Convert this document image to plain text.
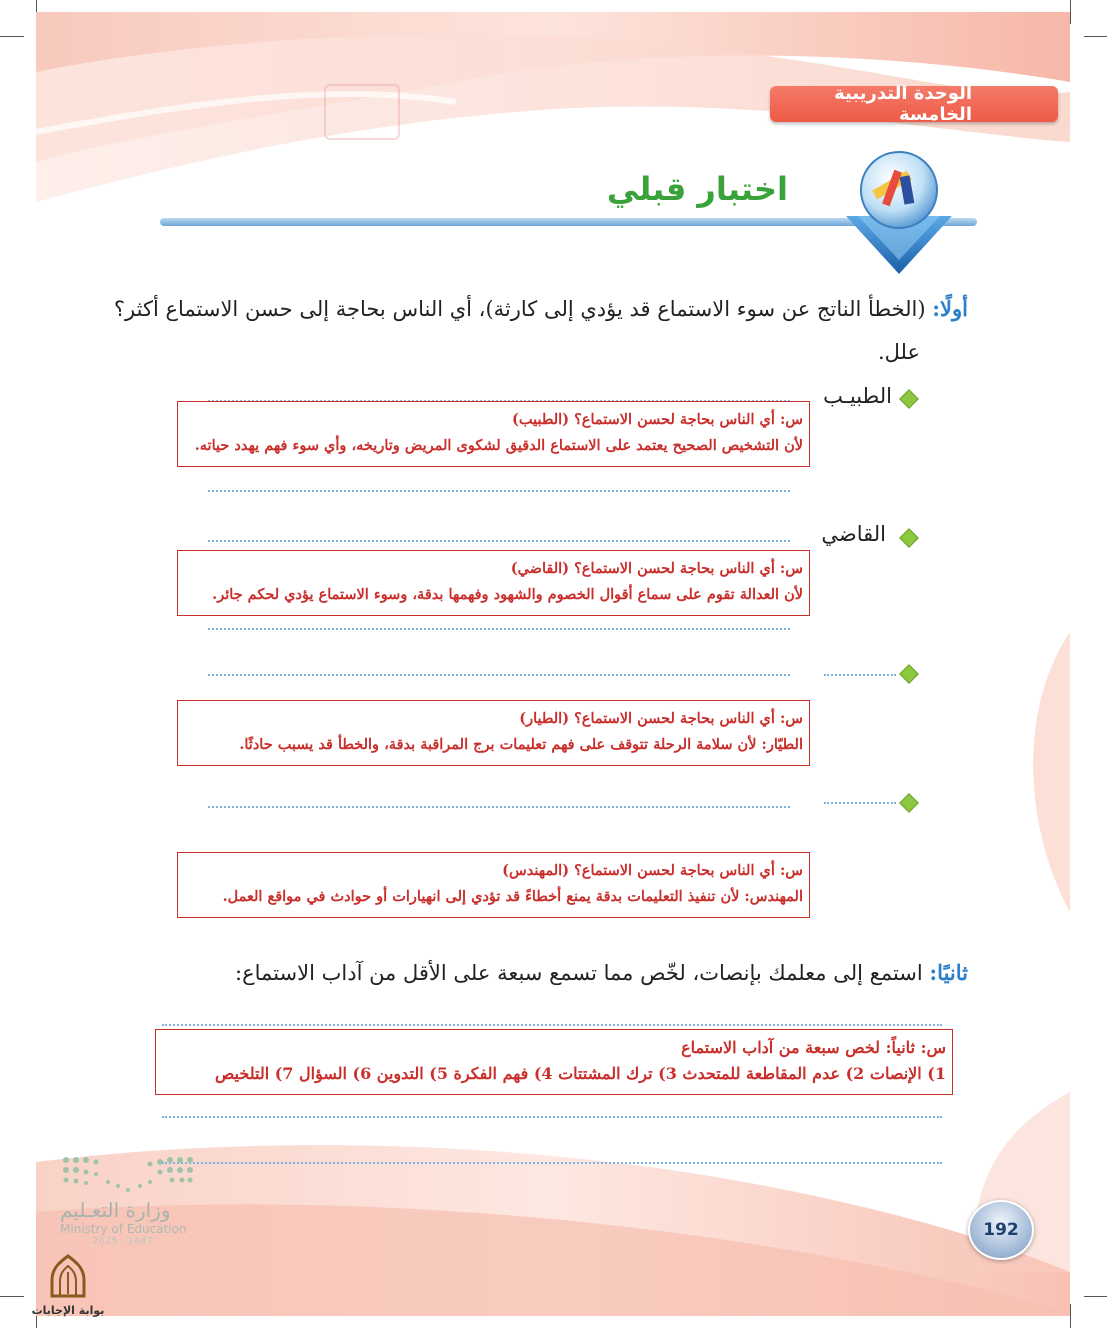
الوحدة التدريبية الخامسة
اختبار قبلي
أولًا: (الخطأ الناتج عن سوء الاستماع قد يؤدي إلى كارثة)، أي الناس بحاجة إلى حسن الاستماع أكثر؟
علل.
الطبيـب
س: أي الناس بحاجة لحسن الاستماع؟ (الطبيب)
لأن التشخيص الصحيح يعتمد على الاستماع الدقيق لشكوى المريض وتاريخه، وأي سوء فهم يهدد حياته.
القاضي
س: أي الناس بحاجة لحسن الاستماع؟ (القاضي)
لأن العدالة تقوم على سماع أقوال الخصوم والشهود وفهمها بدقة، وسوء الاستماع يؤدي لحكم جائر.
س: أي الناس بحاجة لحسن الاستماع؟ (الطيار)
الطيّار: لأن سلامة الرحلة تتوقف على فهم تعليمات برج المراقبة بدقة، والخطأ قد يسبب حادثًا.
س: أي الناس بحاجة لحسن الاستماع؟ (المهندس)
المهندس: لأن تنفيذ التعليمات بدقة يمنع أخطاءً قد تؤدي إلى انهيارات أو حوادث في مواقع العمل.
ثانيًا: استمع إلى معلمك بإنصات، لخّص مما تسمع سبعة على الأقل من آداب الاستماع:
س: ثانياً: لخص سبعة من آداب الاستماع
1) الإنصات 2) عدم المقاطعة للمتحدث 3) ترك المشتتات 4) فهم الفكرة 5) التدوين 6) السؤال 7) التلخيص
وزارة التعـليم
Ministry of Education
2025 - 1447
192
بوابة الإجابات
